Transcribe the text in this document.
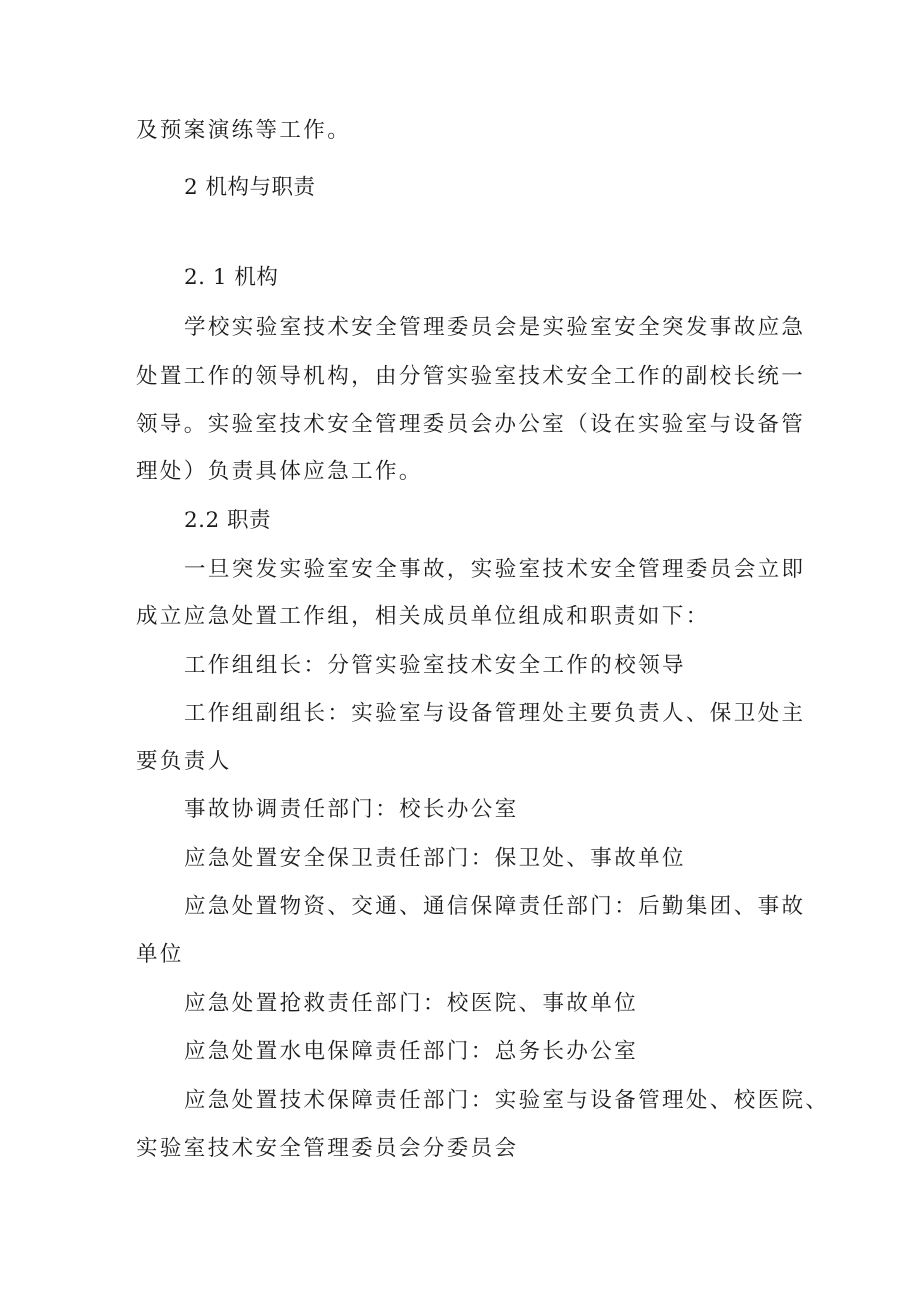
及预案演练等工作。
2 机构与职责
2. 1 机构
学校实验室技术安全管理委员会是实验室安全突发事故应急
处置工作的领导机构，由分管实验室技术安全工作的副校长统一
领导。实验室技术安全管理委员会办公室（设在实验室与设备管
理处）负责具体应急工作。
2.2 职责
一旦突发实验室安全事故，实验室技术安全管理委员会立即
成立应急处置工作组，相关成员单位组成和职责如下：
工作组组长：分管实验室技术安全工作的校领导
工作组副组长：实验室与设备管理处主要负责人、保卫处主
要负责人
事故协调责任部门：校长办公室
应急处置安全保卫责任部门：保卫处、事故单位
应急处置物资、交通、通信保障责任部门：后勤集团、事故
单位
应急处置抢救责任部门：校医院、事故单位
应急处置水电保障责任部门：总务长办公室
应急处置技术保障责任部门：实验室与设备管理处、校医院、
实验室技术安全管理委员会分委员会
